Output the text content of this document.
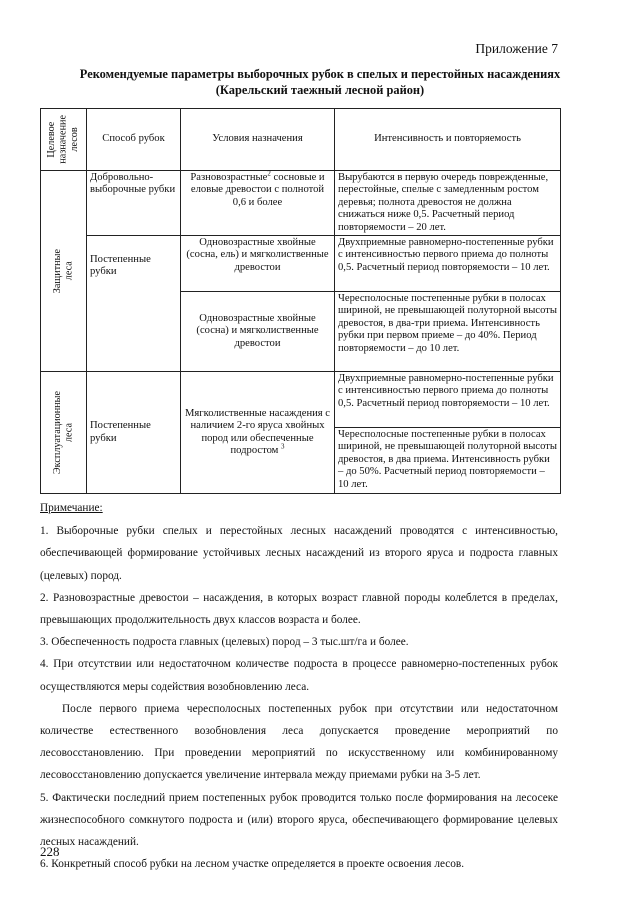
Приложение 7
Рекомендуемые параметры выборочных рубок в спелых и перестойных насаждениях
(Карельский таежный лесной район)
Целевое
назначение
лесов	Способ рубок	Условия назначения	Интенсивность и повторяемость

Защитные
леса	Добровольно-выборочные рубки	Разновозрастные$^2$ сосновые и еловые древостои с полнотой 0,6 и более	Вырубаются в первую очередь поврежденные, перестойные, спелые с замедленным ростом деревья; полнота древостоя не должна снижаться ниже 0,5. Расчетный период повторяемости – 20 лет.
	Постепенные рубки	Одновозрастные хвойные (сосна, ель) и мягколиственные древостои	Двухприемные равномерно-постепенные рубки с интенсивностью первого приема до полноты 0,5. Расчетный период повторяемости – 10 лет.
		Одновозрастные хвойные (сосна) и мягколиственные древостои	Чересполосные постепенные рубки в полосах шириной, не превышающей полуторной высоты древостоя, в два-три приема. Интенсивность рубки при первом приеме – до 40%. Период повторяемости – до 10 лет.

Эксплуатационные
леса	Постепенные рубки	Мягколиственные насаждения с наличием 2-го яруса хвойных пород или обеспеченные подростом $^3$	Двухприемные равномерно-постепенные рубки с интенсивностью первого приема до полноты 0,5. Расчетный период повторяемости – 10 лет.
			Чересполосные постепенные рубки в полосах шириной, не превышающей полуторной высоты древостоя, в два приема. Интенсивность рубки – до 50%. Расчетный период повторяемости – 10 лет.
Примечание:

1. Выборочные рубки спелых и перестойных лесных насаждений проводятся с интенсивностью, обеспечивающей формирование устойчивых лесных насаждений из второго яруса и подроста главных (целевых) пород.

2. Разновозрастные древостои – насаждения, в которых возраст главной породы колеблется в пределах, превышающих продолжительность двух классов возраста и более.

3. Обеспеченность подроста главных (целевых) пород – 3 тыс.шт/га и более.

4. При отсутствии или недостаточном количестве подроста в процессе равномерно-постепенных рубок осуществляются меры содействия возобновлению леса.

После первого приема чересполосных постепенных рубок при отсутствии или недостаточном количестве естественного возобновления леса допускается проведение мероприятий по лесовосстановлению. При проведении мероприятий по искусственному или комбинированному лесовосстановлению допускается увеличение интервала между приемами рубки на 3-5 лет.

5. Фактически последний прием постепенных рубок проводится только после формирования на лесосеке жизнеспособного сомкнутого подроста и (или) второго яруса, обеспечивающего формирование целевых лесных насаждений.

6. Конкретный способ рубки на лесном участке определяется в проекте освоения лесов.

228
